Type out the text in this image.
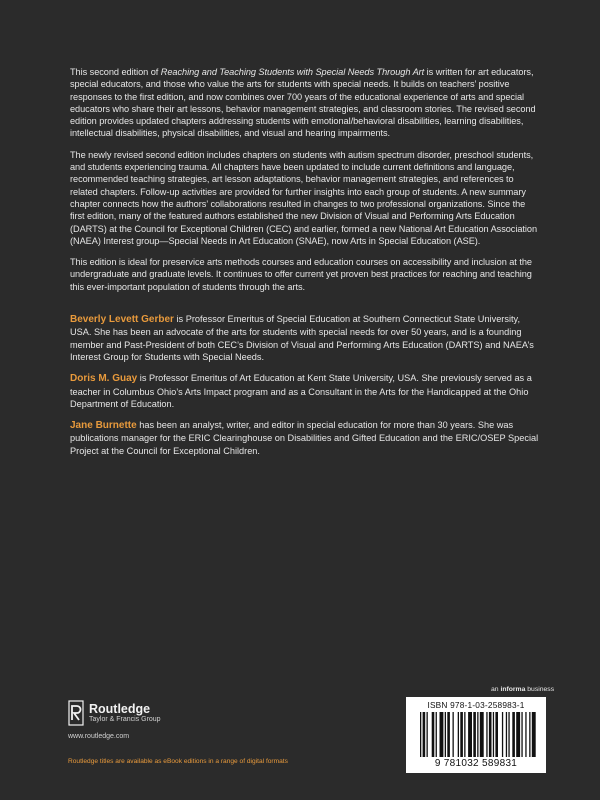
This second edition of Reaching and Teaching Students with Special Needs Through Art is written for art educators, special educators, and those who value the arts for students with special needs. It builds on teachers’ positive responses to the first edition, and now combines over 700 years of the educational experience of arts and special educators who share their art lessons, behavior management strategies, and classroom stories. The revised second edition provides updated chapters addressing students with emotional/behavioral disabilities, learning disabilities, intellectual disabilities, physical disabilities, and visual and hearing impairments.

The newly revised second edition includes chapters on students with autism spectrum disorder, preschool students, and students experiencing trauma. All chapters have been updated to include current definitions and language, recommended teaching strategies, art lesson adaptations, behavior management strategies, and references to related chapters. Follow-up activities are provided for further insights into each group of students. A new summary chapter connects how the authors’ collaborations resulted in changes to two professional organizations. Since the first edition, many of the featured authors established the new Division of Visual and Performing Arts Education (DARTS) at the Council for Exceptional Children (CEC) and earlier, formed a new National Art Education Association (NAEA) Interest group—Special Needs in Art Education (SNAE), now Arts in Special Education (ASE).

This edition is ideal for preservice arts methods courses and education courses on accessibility and inclusion at the undergraduate and graduate levels. It continues to offer current yet proven best practices for reaching and teaching this ever-important population of students through the arts.

Beverly Levett Gerber is Professor Emeritus of Special Education at Southern Connecticut State University, USA. She has been an advocate of the arts for students with special needs for over 50 years, and is a founding member and Past-President of both CEC’s Division of Visual and Performing Arts Education (DARTS) and NAEA’s Interest Group for Students with Special Needs.

Doris M. Guay is Professor Emeritus of Art Education at Kent State University, USA. She previously served as a teacher in Columbus Ohio’s Arts Impact program and as a Consultant in the Arts for the Handicapped at the Ohio Department of Education.

Jane Burnette has been an analyst, writer, and editor in special education for more than 30 years. She was publications manager for the ERIC Clearinghouse on Disabilities and Gifted Education and the ERIC/OSEP Special Project at the Council for Exceptional Children.

Routledge
Taylor & Francis Group
www.routledge.com
Routledge titles are available as eBook editions in a range of digital formats
an informa business
ISBN 978-1-03-258983-1
9 781032 589831
